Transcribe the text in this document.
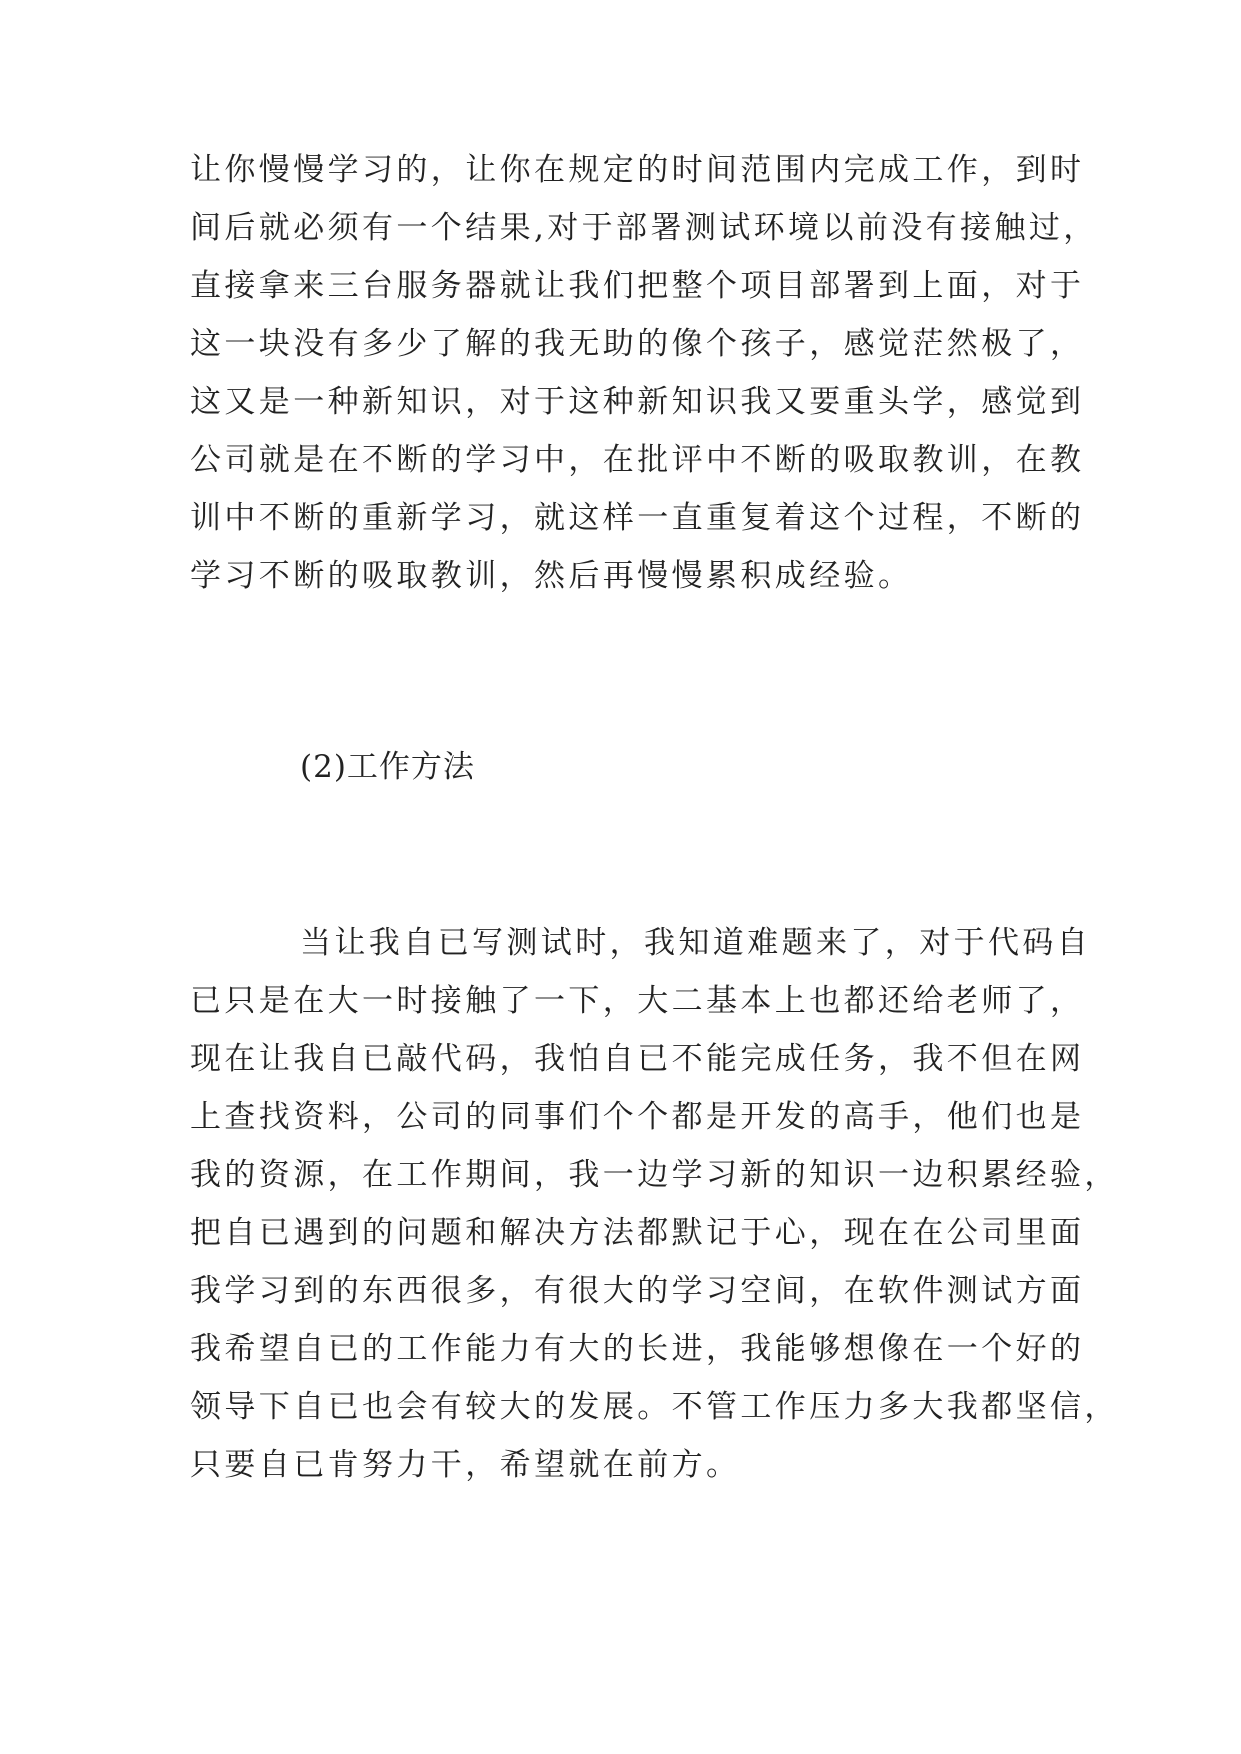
让你慢慢学习的，让你在规定的时间范围内完成工作，到时
间后就必须有一个结果,对于部署测试环境以前没有接触过，
直接拿来三台服务器就让我们把整个项目部署到上面，对于
这一块没有多少了解的我无助的像个孩子，感觉茫然极了，
这又是一种新知识，对于这种新知识我又要重头学，感觉到
公司就是在不断的学习中，在批评中不断的吸取教训，在教
训中不断的重新学习，就这样一直重复着这个过程，不断的
学习不断的吸取教训，然后再慢慢累积成经验。
(2)工作方法
当让我自已写测试时，我知道难题来了，对于代码自
已只是在大一时接触了一下，大二基本上也都还给老师了，
现在让我自已敲代码，我怕自已不能完成任务，我不但在网
上查找资料，公司的同事们个个都是开发的高手，他们也是
我的资源，在工作期间，我一边学习新的知识一边积累经验，
把自已遇到的问题和解决方法都默记于心，现在在公司里面
我学习到的东西很多，有很大的学习空间，在软件测试方面
我希望自已的工作能力有大的长进，我能够想像在一个好的
领导下自已也会有较大的发展。不管工作压力多大我都坚信，
只要自已肯努力干，希望就在前方。
